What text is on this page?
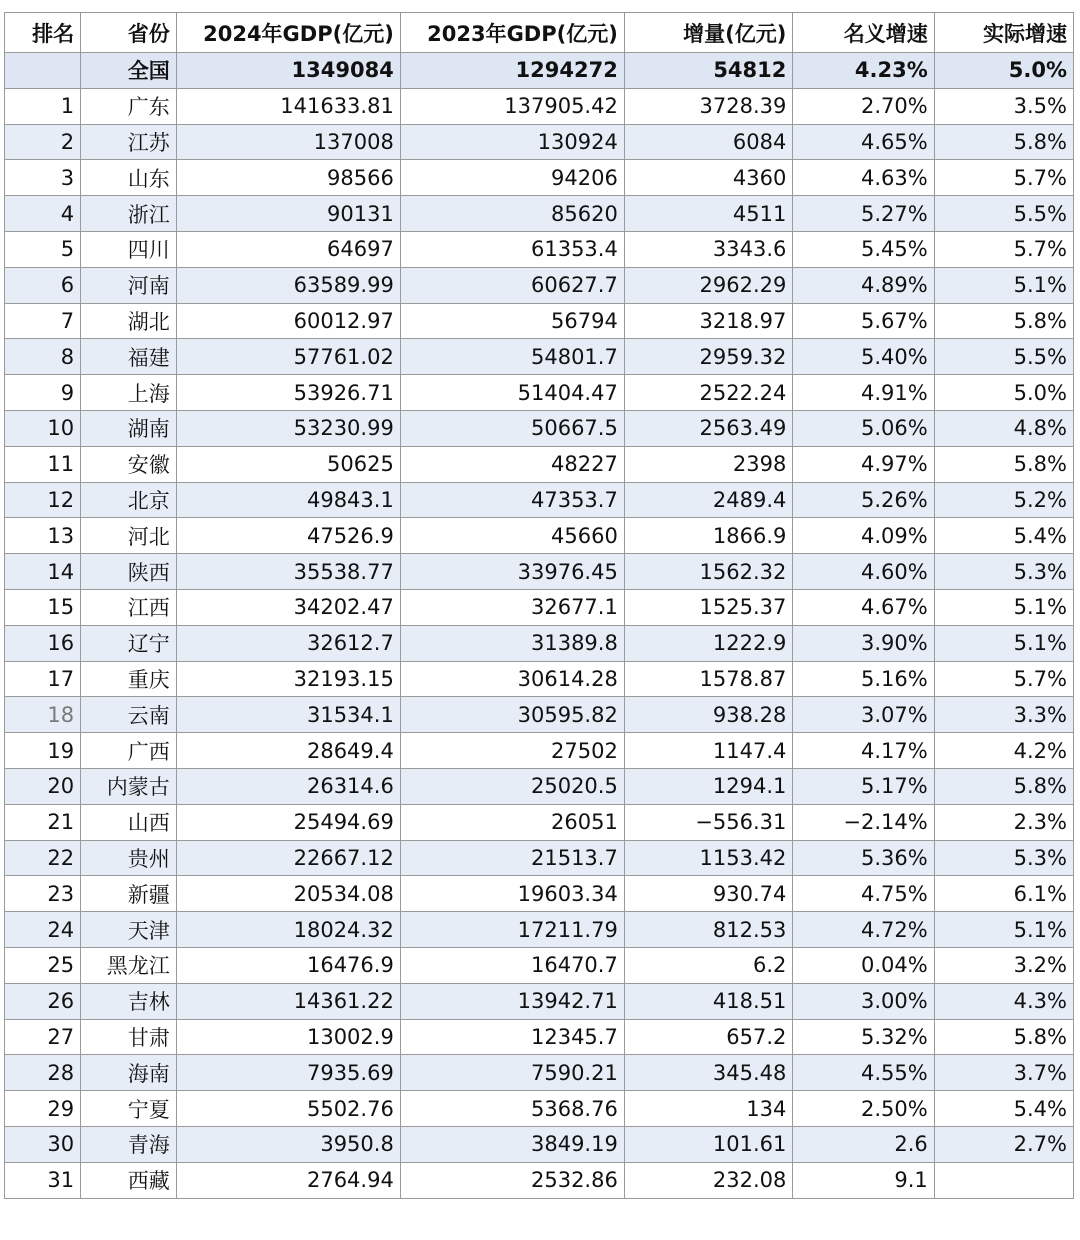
排名	省份	2024年GDP(亿元)	2023年GDP(亿元)	增量(亿元)	名义增速	实际增速
	全国	1349084	1294272	54812	4.23%	5.0%
1	广东	141633.81	137905.42	3728.39	2.70%	3.5%
2	江苏	137008	130924	6084	4.65%	5.8%
3	山东	98566	94206	4360	4.63%	5.7%
4	浙江	90131	85620	4511	5.27%	5.5%
5	四川	64697	61353.4	3343.6	5.45%	5.7%
6	河南	63589.99	60627.7	2962.29	4.89%	5.1%
7	湖北	60012.97	56794	3218.97	5.67%	5.8%
8	福建	57761.02	54801.7	2959.32	5.40%	5.5%
9	上海	53926.71	51404.47	2522.24	4.91%	5.0%
10	湖南	53230.99	50667.5	2563.49	5.06%	4.8%
11	安徽	50625	48227	2398	4.97%	5.8%
12	北京	49843.1	47353.7	2489.4	5.26%	5.2%
13	河北	47526.9	45660	1866.9	4.09%	5.4%
14	陕西	35538.77	33976.45	1562.32	4.60%	5.3%
15	江西	34202.47	32677.1	1525.37	4.67%	5.1%
16	辽宁	32612.7	31389.8	1222.9	3.90%	5.1%
17	重庆	32193.15	30614.28	1578.87	5.16%	5.7%
18	云南	31534.1	30595.82	938.28	3.07%	3.3%
19	广西	28649.4	27502	1147.4	4.17%	4.2%
20	内蒙古	26314.6	25020.5	1294.1	5.17%	5.8%
21	山西	25494.69	26051	−556.31	−2.14%	2.3%
22	贵州	22667.12	21513.7	1153.42	5.36%	5.3%
23	新疆	20534.08	19603.34	930.74	4.75%	6.1%
24	天津	18024.32	17211.79	812.53	4.72%	5.1%
25	黑龙江	16476.9	16470.7	6.2	0.04%	3.2%
26	吉林	14361.22	13942.71	418.51	3.00%	4.3%
27	甘肃	13002.9	12345.7	657.2	5.32%	5.8%
28	海南	7935.69	7590.21	345.48	4.55%	3.7%
29	宁夏	5502.76	5368.76	134	2.50%	5.4%
30	青海	3950.8	3849.19	101.61	2.6	2.7%
31	西藏	2764.94	2532.86	232.08	9.1	
